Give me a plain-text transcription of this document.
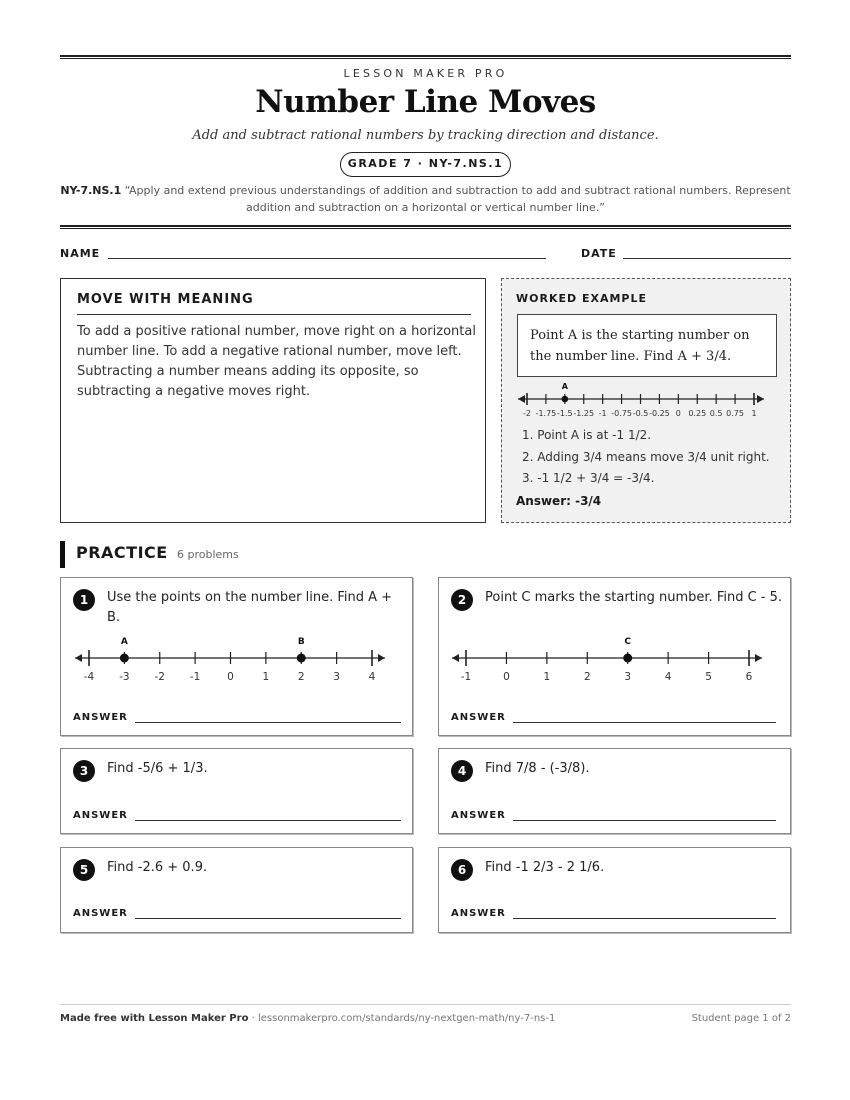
LESSON MAKER PRO
Number Line Moves
Add and subtract rational numbers by tracking direction and distance.
GRADE 7 · NY-7.NS.1
NY-7.NS.1 “Apply and extend previous understandings of addition and subtraction to add and subtract rational numbers. Represent addition and subtraction on a horizontal or vertical number line.”
NAME	DATE
MOVE WITH MEANING
To add a positive rational number, move right on a horizontal number line. To add a negative rational number, move left. Subtracting a number means adding its opposite, so subtracting a negative moves right.
WORKED EXAMPLE
Point A is the starting number on the number line. Find A + 3/4.
-2 -1.75 -1.5 -1.25 -1 -0.75 -0.5 -0.25 0 0.25 0.5 0.75 1
A
1. Point A is at -1 1/2.
2. Adding 3/4 means move 3/4 unit right.
3. -1 1/2 + 3/4 = -3/4.
Answer: -3/4
PRACTICE 6 problems
1	Use the points on the number line. Find A + B.
-4 -3 -2 -1	0	1	2	3	4
A	B
ANSWER
2	Point C marks the starting number. Find C - 5.
-1	0	1	2	3	4	5	6
C
ANSWER
3	Find -5/6 + 1/3.
ANSWER
4	Find 7/8 - (-3/8).
ANSWER
5	Find -2.6 + 0.9.
ANSWER
6	Find -1 2/3 - 2 1/6.
ANSWER
Made free with Lesson Maker Pro · lessonmakerpro.com/standards/ny-nextgen-math/ny-7-ns-1	Student page 1 of 2
